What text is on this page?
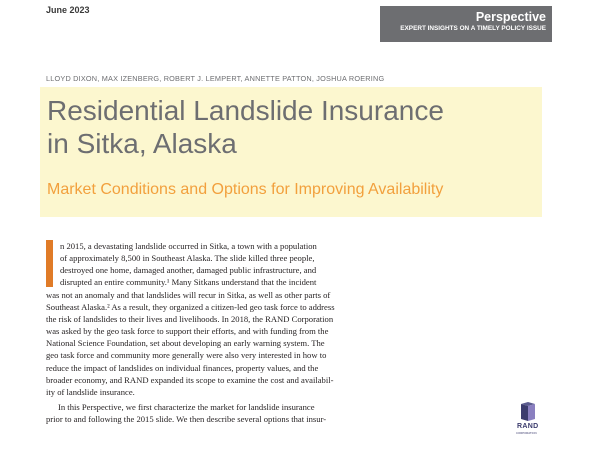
June 2023	Perspective
EXPERT INSIGHTS ON A TIMELY POLICY ISSUE
LLOYD DIXON, MAX IZENBERG, ROBERT J. LEMPERT, ANNETTE PATTON, JOSHUA ROERING
Residential Landslide Insurance
in Sitka, Alaska
Market Conditions and Options for Improving Availability

n 2015, a devastating landslide occurred in Sitka, a town with a population
of approximately 8,500 in Southeast Alaska. The slide killed three people,
destroyed one home, damaged another, damaged public infrastructure, and
disrupted an entire community.¹ Many Sitkans understand that the incident
was not an anomaly and that landslides will recur in Sitka, as well as other parts of
Southeast Alaska.² As a result, they organized a citizen-led geo task force to address
the risk of landslides to their lives and livelihoods. In 2018, the RAND Corporation
was asked by the geo task force to support their efforts, and with funding from the
National Science Foundation, set about developing an early warning system. The
geo task force and community more generally were also very interested in how to
reduce the impact of landslides on individual finances, property values, and the
broader economy, and RAND expanded its scope to examine the cost and availabil-
ity of landslide insurance.

In this Perspective, we first characterize the market for landslide insurance
prior to and following the 2015 slide. We then describe several options that insur-

RAND
CORPORATION
